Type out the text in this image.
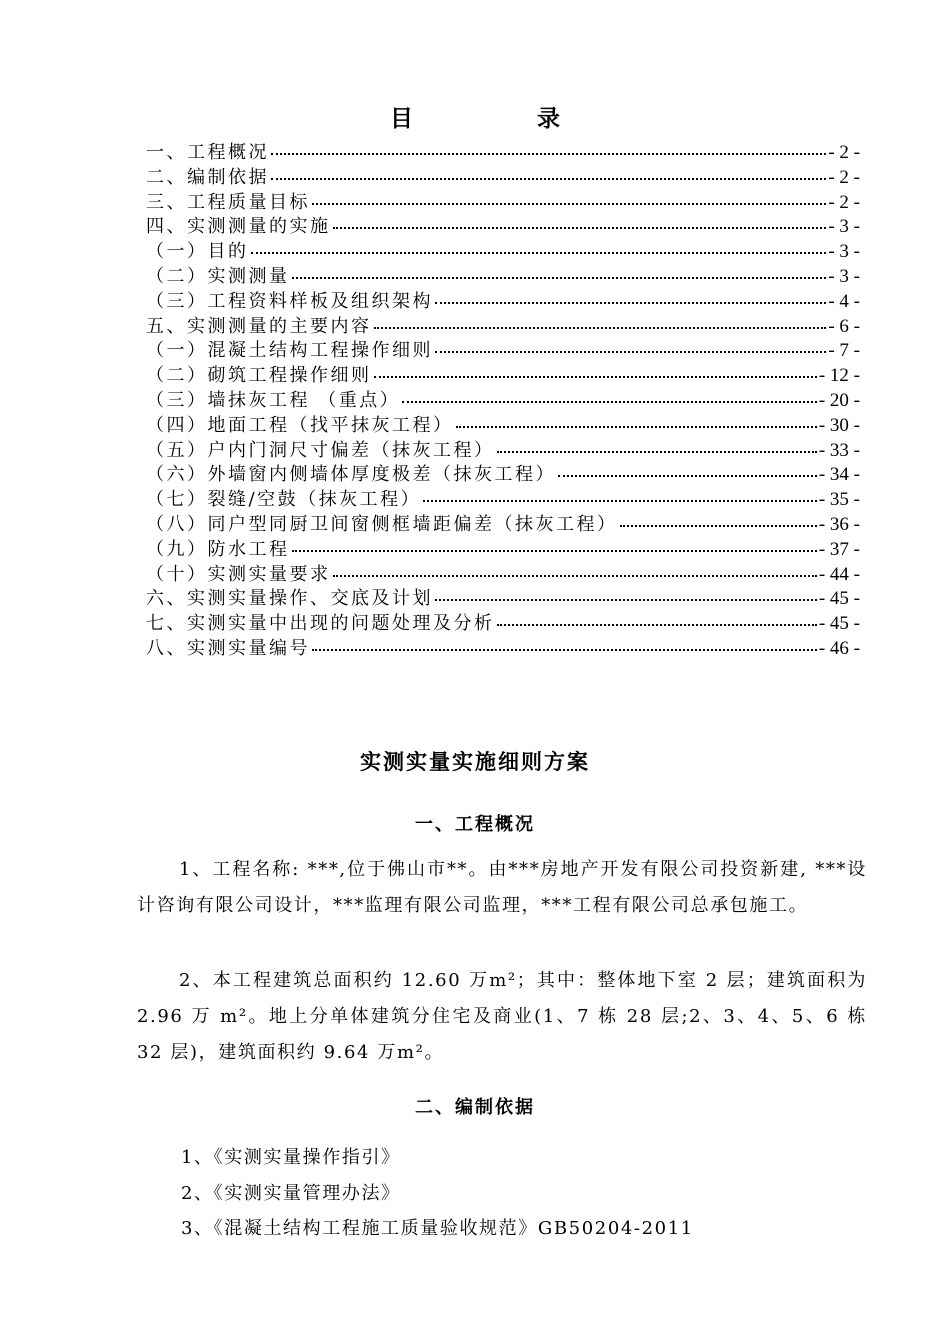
目 录
一、工程概况	- 2 -
二、编制依据	- 2 -
三、工程质量目标	- 2 -
四、实测测量的实施	- 3 -
（一）目的	- 3 -
（二）实测测量	- 3 -
（三）工程资料样板及组织架构	- 4 -
五、实测测量的主要内容	- 6 -
（一）混凝土结构工程操作细则	- 7 -
（二）砌筑工程操作细则	- 12 -
（三）墙抹灰工程 （重点）	- 20 -
（四）地面工程（找平抹灰工程）	- 30 -
（五）户内门洞尺寸偏差（抹灰工程）	- 33 -
（六）外墙窗内侧墙体厚度极差（抹灰工程）	- 34 -
（七）裂缝/空鼓（抹灰工程）	- 35 -
（八）同户型同厨卫间窗侧框墙距偏差（抹灰工程）	- 36 -
（九）防水工程	- 37 -
（十）实测实量要求	- 44 -
六、实测实量操作、交底及计划	- 45 -
七、实测实量中出现的问题处理及分析	- 45 -
八、实测实量编号	- 46 -
实测实量实施细则方案
一、工程概况
1、工程名称: ***,位于佛山市**。由***房地产开发有限公司投资新建, ***设计咨询有限公司设计，***监理有限公司监理，***工程有限公司总承包施工。
2、本工程建筑总面积约 12.60 万m²；其中：整体地下室 2 层；建筑面积为 2.96 万 m²。地上分单体建筑分住宅及商业(1、7 栋 28 层;2、3、4、5、6 栋 32 层)，建筑面积约 9.64 万m²。
二、编制依据
1、《实测实量操作指引》
2、《实测实量管理办法》
3、《混凝土结构工程施工质量验收规范》GB50204-2011
